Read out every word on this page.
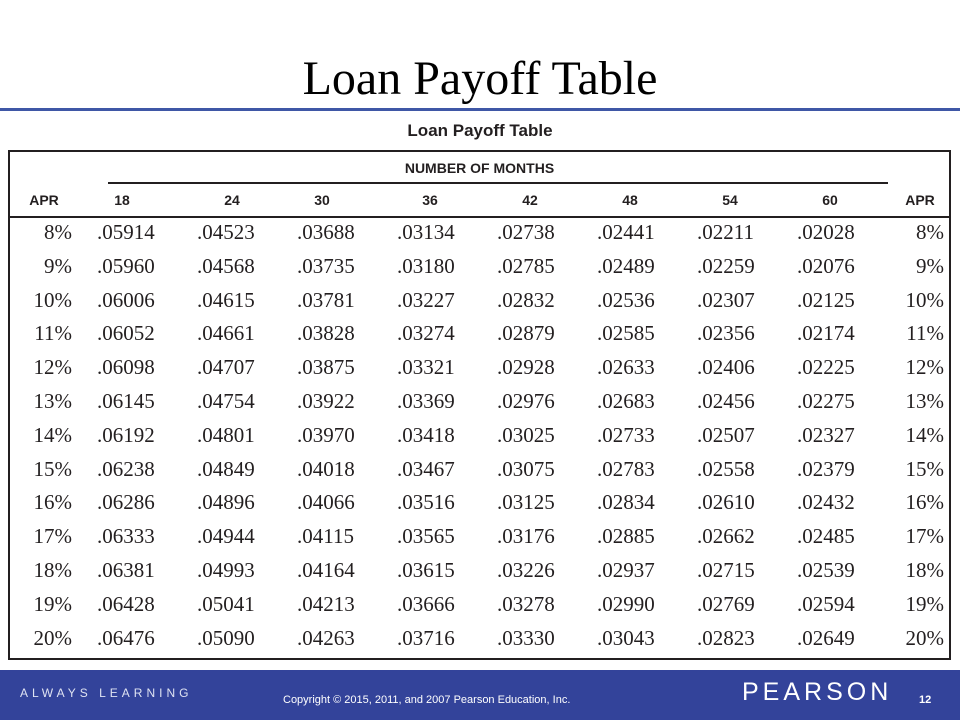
Loan Payoff Table
Loan Payoff Table
NUMBER OF MONTHS
APR	APR
18	24	30	36	42	48	54	60
8% .05914 .04523 .03688 .03134 .02738 .02441 .02211 .02028	8%
9% .05960 .04568 .03735 .03180 .02785 .02489 .02259 .02076	9%
10% .06006 .04615 .03781 .03227 .02832 .02536 .02307 .02125	10%
11% .06052 .04661 .03828 .03274 .02879 .02585 .02356 .02174	11%
12% .06098 .04707 .03875 .03321 .02928 .02633 .02406 .02225	12%
13% .06145 .04754 .03922 .03369 .02976 .02683 .02456 .02275	13%
14% .06192 .04801 .03970 .03418 .03025 .02733 .02507 .02327	14%
15% .06238 .04849 .04018 .03467 .03075 .02783 .02558 .02379	15%
16% .06286 .04896 .04066 .03516 .03125 .02834 .02610 .02432	16%
17% .06333 .04944 .04115 .03565 .03176 .02885 .02662 .02485	17%
18% .06381 .04993 .04164 .03615 .03226 .02937 .02715 .02539	18%
19% .06428 .05041 .04213 .03666 .03278 .02990 .02769 .02594	19%
20% .06476 .05090 .04263 .03716 .03330 .03043 .02823 .02649	20%
ALWAYS LEARNING	Copyright © 2015, 2011, and 2007 Pearson Education, Inc.	PEARSON 12
